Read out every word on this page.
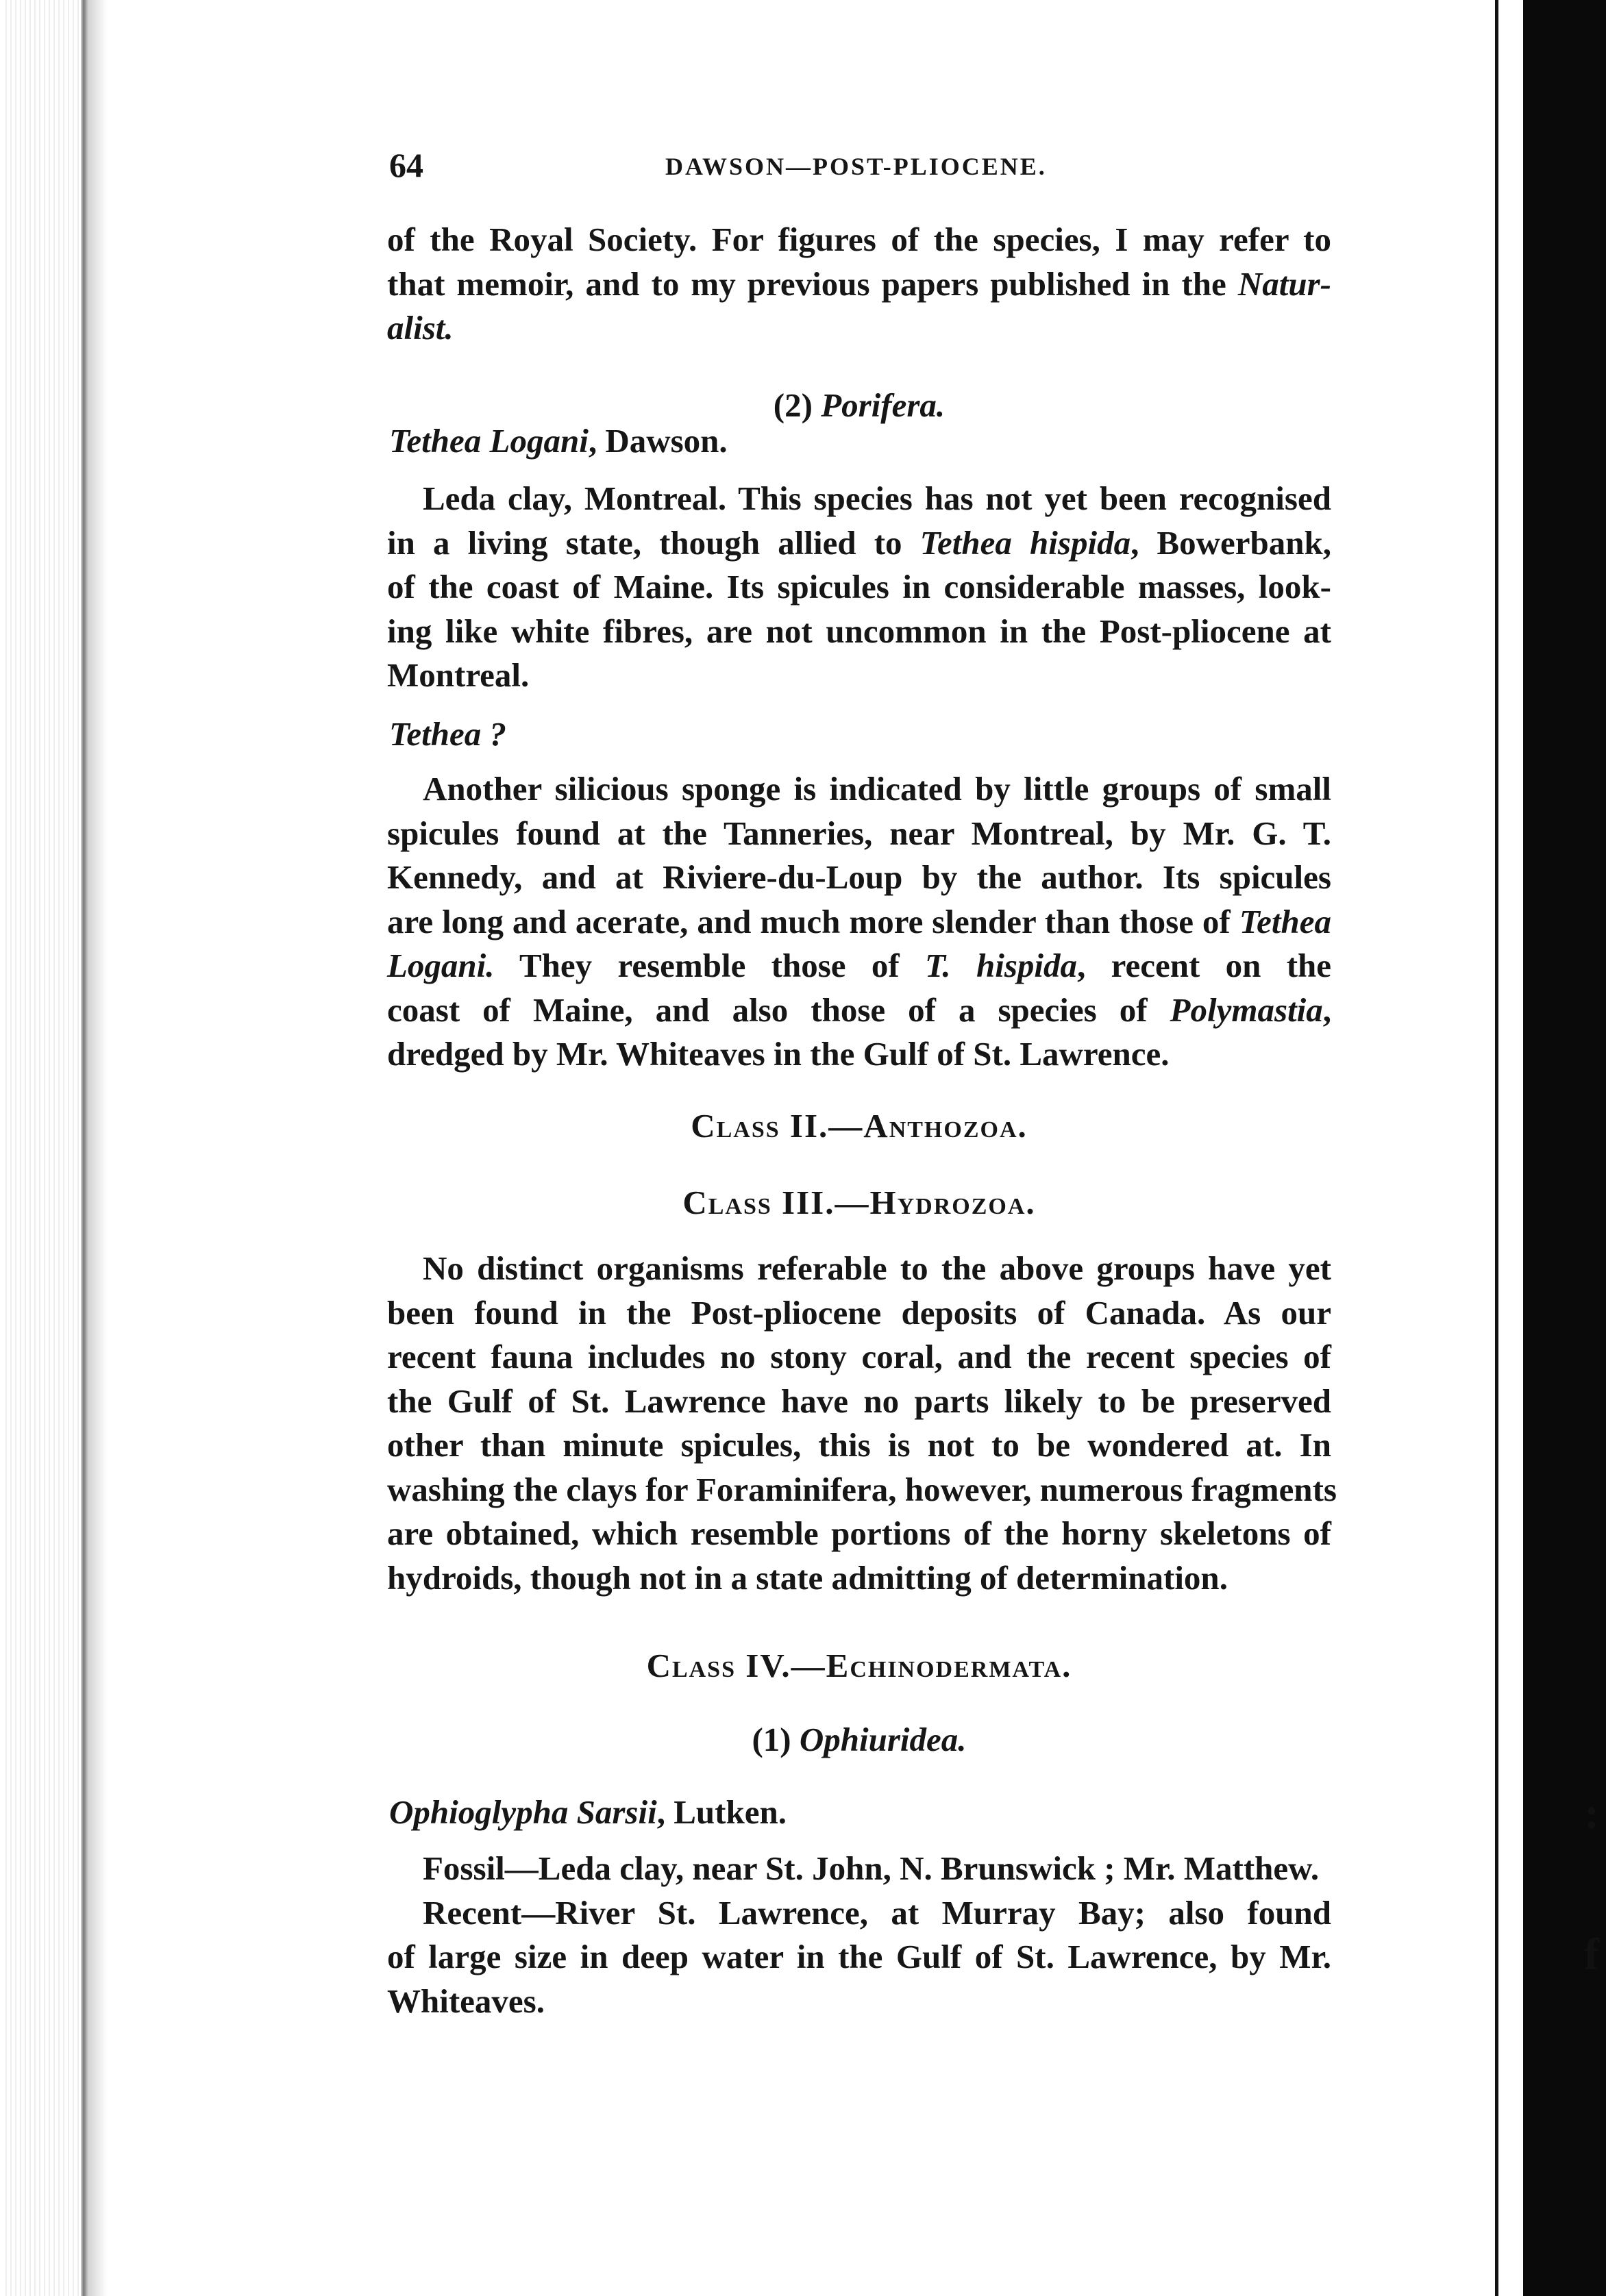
:
f

64	DAWSON—POST-PLIOCENE.

of the Royal Society. For figures of the species, I may refer to
that memoir, and to my previous papers published in the Natur-
alist.

(2) Porifera.

Tethea Logani, Dawson.

Leda clay, Montreal. This species has not yet been recognised
in a living state, though allied to Tethea hispida, Bowerbank,
of the coast of Maine. Its spicules in considerable masses, look-
ing like white fibres, are not uncommon in the Post-pliocene at
Montreal.

Tethea ?

Another silicious sponge is indicated by little groups of small
spicules found at the Tanneries, near Montreal, by Mr. G. T.
Kennedy, and at Riviere-du-Loup by the author. Its spicules
are long and acerate, and much more slender than those of Tethea
Logani. They resemble those of T. hispida, recent on the
coast of Maine, and also those of a species of Polymastia,
dredged by Mr. Whiteaves in the Gulf of St. Lawrence.

Class II.—Anthozoa.

Class III.—Hydrozoa.

No distinct organisms referable to the above groups have yet
been found in the Post-pliocene deposits of Canada. As our
recent fauna includes no stony coral, and the recent species of
the Gulf of St. Lawrence have no parts likely to be preserved
other than minute spicules, this is not to be wondered at. In
washing the clays for Foraminifera, however, numerous fragments
are obtained, which resemble portions of the horny skeletons of
hydroids, though not in a state admitting of determination.

Class IV.—Echinodermata.

(1) Ophiuridea.

Ophioglypha Sarsii, Lutken.

Fossil—Leda clay, near St. John, N. Brunswick ; Mr. Matthew.
Recent—River St. Lawrence, at Murray Bay; also found
of large size in deep water in the Gulf of St. Lawrence, by Mr.
Whiteaves.
